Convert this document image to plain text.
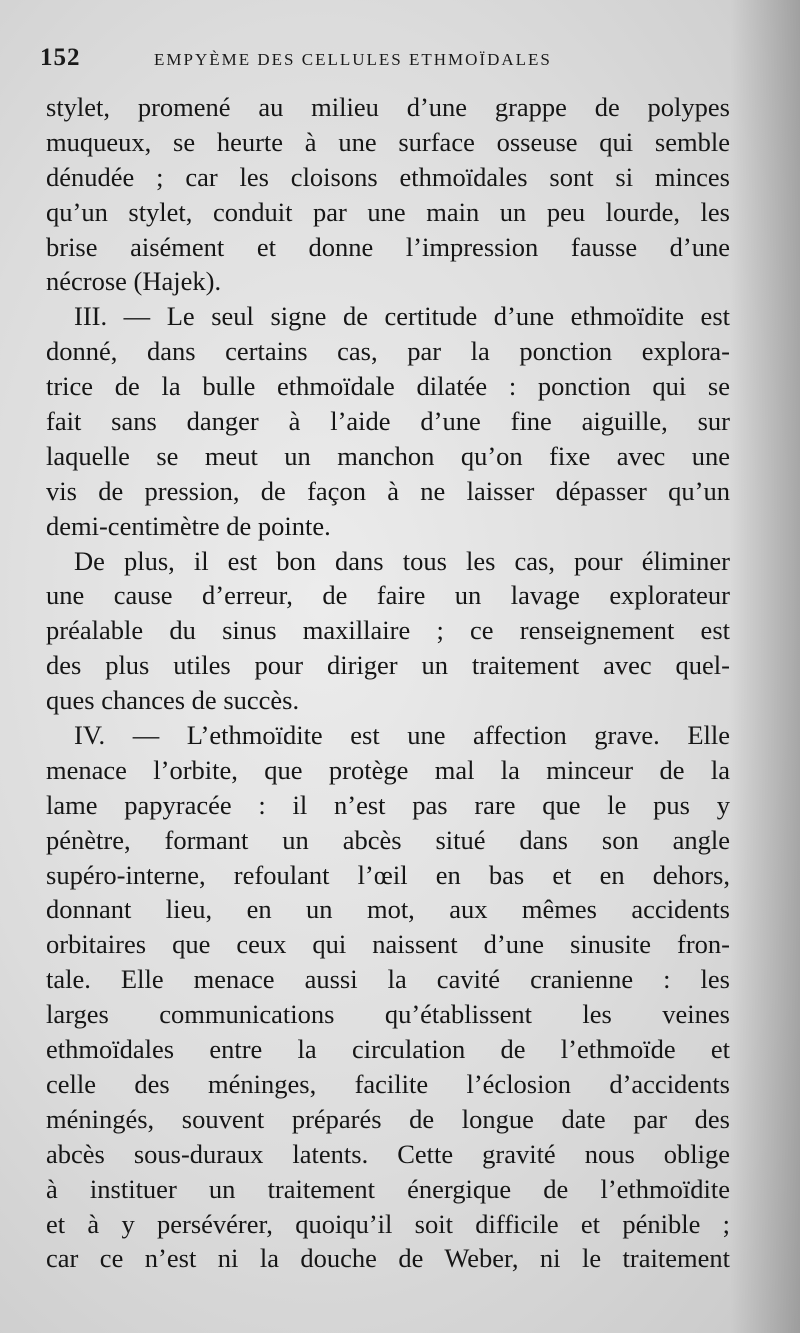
152	EMPYÈME DES CELLULES ETHMOÏDALES
stylet, promené au milieu d’une grappe de polypes
muqueux, se heurte à une surface osseuse qui semble
dénudée ; car les cloisons ethmoïdales sont si minces
qu’un stylet, conduit par une main un peu lourde, les
brise aisément et donne l’impression fausse d’une
nécrose (Hajek).
III. — Le seul signe de certitude d’une ethmoïdite est
donné, dans certains cas, par la ponction explora-
trice de la bulle ethmoïdale dilatée : ponction qui se
fait sans danger à l’aide d’une fine aiguille, sur
laquelle se meut un manchon qu’on fixe avec une
vis de pression, de façon à ne laisser dépasser qu’un
demi-centimètre de pointe.
De plus, il est bon dans tous les cas, pour éliminer
une cause d’erreur, de faire un lavage explorateur
préalable du sinus maxillaire ; ce renseignement est
des plus utiles pour diriger un traitement avec quel-
ques chances de succès.
IV. — L’ethmoïdite est une affection grave. Elle
menace l’orbite, que protège mal la minceur de la
lame papyracée : il n’est pas rare que le pus y
pénètre, formant un abcès situé dans son angle
supéro-interne, refoulant l’œil en bas et en dehors,
donnant lieu, en un mot, aux mêmes accidents
orbitaires que ceux qui naissent d’une sinusite fron-
tale. Elle menace aussi la cavité cranienne : les
larges communications qu’établissent les veines
ethmoïdales entre la circulation de l’ethmoïde et
celle des méninges, facilite l’éclosion d’accidents
méningés, souvent préparés de longue date par des
abcès sous-duraux latents. Cette gravité nous oblige
à instituer un traitement énergique de l’ethmoïdite
et à y persévérer, quoiqu’il soit difficile et pénible ;
car ce n’est ni la douche de Weber, ni le traitement
